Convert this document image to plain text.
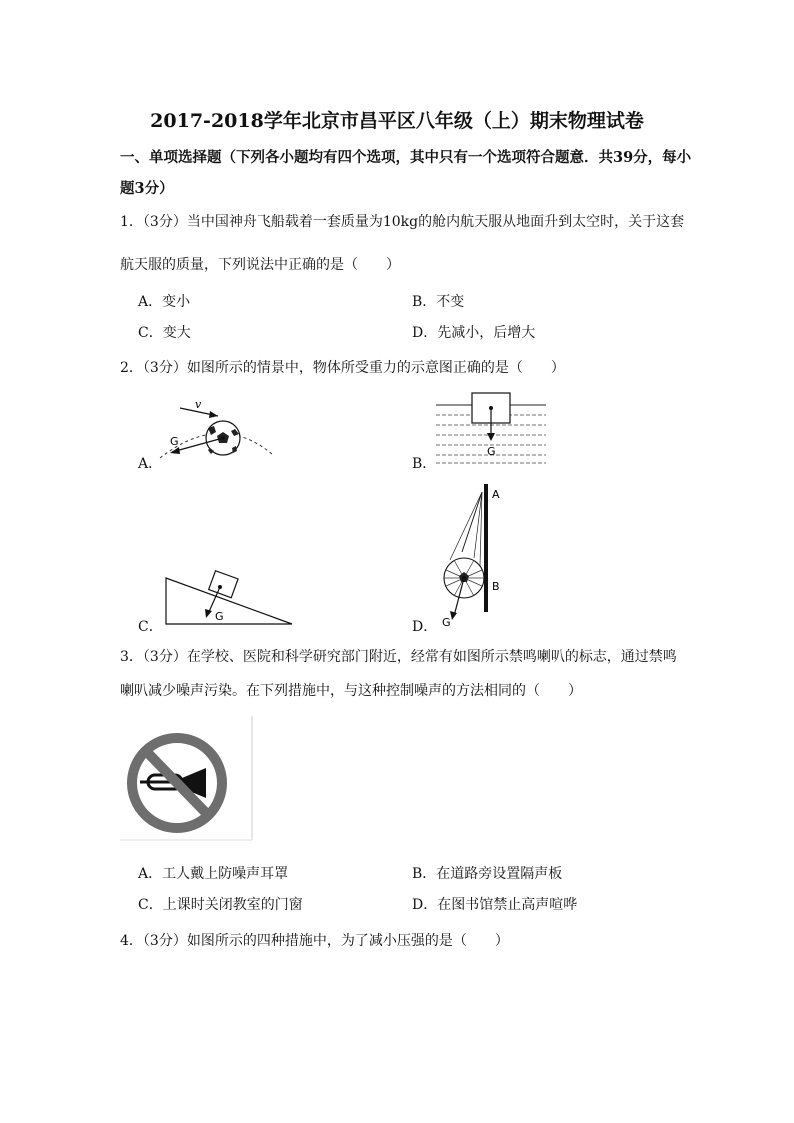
2017-2018学年北京市昌平区八年级（上）期末物理试卷
一、单项选择题（下列各小题均有四个选项，其中只有一个选项符合题意．共39分，每小
题3分）
1．（3分）当中国神舟飞船载着一套质量为10kg的舱内航天服从地面升到太空时，关于这套
航天服的质量，下列说法中正确的是（　　）
A．变小	B．不变
C．变大	D．先减小，后增大
2．（3分）如图所示的情景中，物体所受重力的示意图正确的是（　　）
A．
v
G
B．
G
C．
G
D．
A
B
G
3．（3分）在学校、医院和科学研究部门附近，经常有如图所示禁鸣喇叭的标志，通过禁鸣
喇叭减少噪声污染。在下列措施中，与这种控制噪声的方法相同的（　　）
A．工人戴上防噪声耳罩	B．在道路旁设置隔声板
C．上课时关闭教室的门窗	D．在图书馆禁止高声喧哗
4．（3分）如图所示的四种措施中，为了减小压强的是（　　）
